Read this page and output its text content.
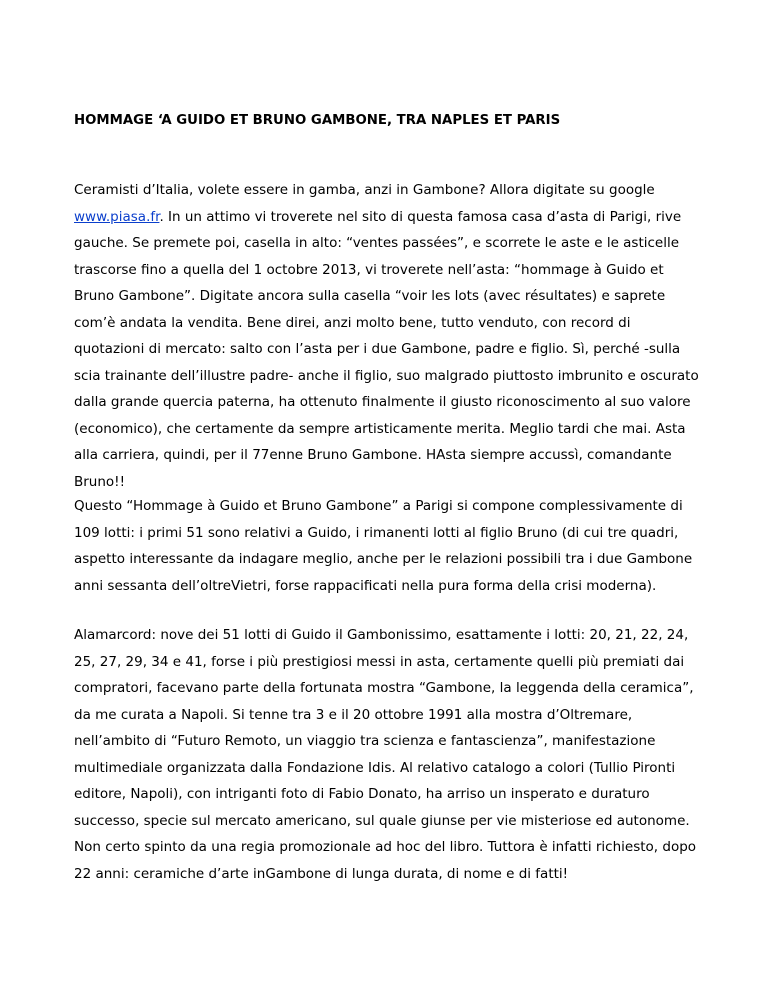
HOMMAGE ‘A GUIDO ET BRUNO GAMBONE, TRA NAPLES ET PARIS

Ceramisti d’Italia, volete essere in gamba, anzi in Gambone? Allora digitate su google www.piasa.fr. In un attimo vi troverete nel sito di questa famosa casa d’asta di Parigi, rive gauche. Se premete poi, casella in alto: “ventes passées”, e scorrete le aste e le asticelle trascorse fino a quella del 1 octobre 2013, vi troverete nell’asta: “hommage à Guido et Bruno Gambone”. Digitate ancora sulla casella “voir les lots (avec résultates) e saprete com’è andata la vendita. Bene direi, anzi molto bene, tutto venduto, con record di quotazioni di mercato: salto con l’asta per i due Gambone, padre e figlio. Sì, perché -sulla scia trainante dell’illustre padre- anche il figlio, suo malgrado piuttosto imbrunito e oscurato dalla grande quercia paterna, ha ottenuto finalmente il giusto riconoscimento al suo valore (economico), che certamente da sempre artisticamente merita. Meglio tardi che mai. Asta alla carriera, quindi, per il 77enne Bruno Gambone. HAsta siempre accussì, comandante Bruno!!

Questo “Hommage à Guido et Bruno Gambone” a Parigi si compone complessivamente di 109 lotti: i primi 51 sono relativi a Guido, i rimanenti lotti al figlio Bruno (di cui tre quadri, aspetto interessante da indagare meglio, anche per le relazioni possibili tra i due Gambone anni sessanta dell’oltreVietri, forse rappacificati nella pura forma della crisi moderna).

Alamarcord: nove dei 51 lotti di Guido il Gambonissimo, esattamente i lotti: 20, 21, 22, 24, 25, 27, 29, 34 e 41, forse i più prestigiosi messi in asta, certamente quelli più premiati dai compratori, facevano parte della fortunata mostra “Gambone, la leggenda della ceramica”, da me curata a Napoli. Si tenne tra 3 e il 20 ottobre 1991 alla mostra d’Oltremare, nell’ambito di “Futuro Remoto, un viaggio tra scienza e fantascienza”, manifestazione multimediale organizzata dalla Fondazione Idis. Al relativo catalogo a colori (Tullio Pironti editore, Napoli), con intriganti foto di Fabio Donato, ha arriso un insperato e duraturo successo, specie sul mercato americano, sul quale giunse per vie misteriose ed autonome. Non certo spinto da una regia promozionale ad hoc del libro. Tuttora è infatti richiesto, dopo 22 anni: ceramiche d’arte inGambone di lunga durata, di nome e di fatti!
